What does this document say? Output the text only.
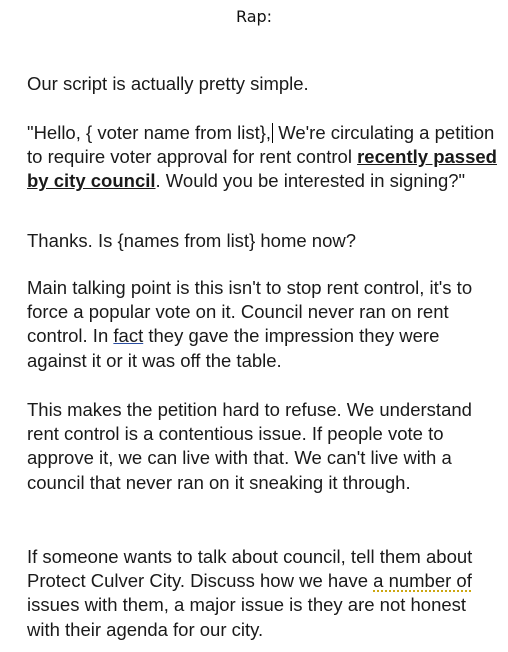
Rap:

Our script is actually pretty simple.

"Hello, { voter name from list}, We're circulating a petition to require voter approval for rent control recently passed by city council. Would you be interested in signing?"

Thanks. Is {names from list} home now?

Main talking point is this isn't to stop rent control, it's to force a popular vote on it. Council never ran on rent control. In fact they gave the impression they were against it or it was off the table.

This makes the petition hard to refuse. We understand rent control is a contentious issue. If people vote to approve it, we can live with that. We can't live with a council that never ran on it sneaking it through.

If someone wants to talk about council, tell them about Protect Culver City. Discuss how we have a number of issues with them, a major issue is they are not honest with their agenda for our city.
